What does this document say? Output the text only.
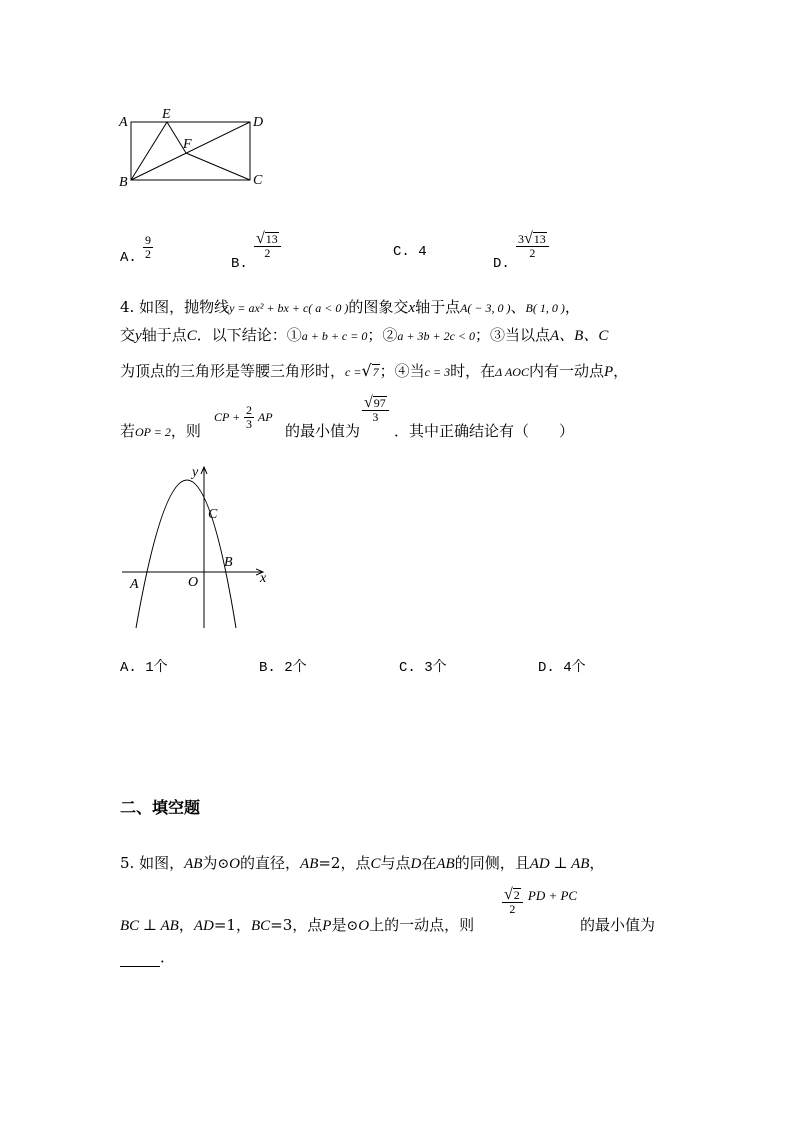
A
E
D
F
B	C
A. $\frac{9}{2}$
B.
$\frac{√ 13}{2}$	C. 4
D.
$\frac{3 √ 13}{2}$
4. 如图，抛物线y = ax² + bx + c( a < 0 )的图象交x轴于点A( − 3, 0 )、B( 1, 0 )，
交y轴于点C．以下结论：①a + b + c = 0；②a + 3b + 2c < 0；③当以点A、B、C
为顶点的三角形是等腰三角形时，c = √ 7 ；④当c = 3时，在Δ AOC内有一动点P，
若OP = 2，则
CP + $\frac{2}{3}$ AP
的最小值为
$\frac{√ 97}{3}$
．其中正确结论有（　　）
y
x
C
B
A	O
A. 1个	B. 2个	C. 3个	D. 4个
二、填空题
5. 如图，AB为⊙O的直径，AB=2，点C与点D在AB的同侧，且AD ⊥ AB，
BC ⊥ AB，AD=1，BC=3，点P是⊙O上的一动点，则
$\frac{√ 2}{2} ^{PD + PC}$
的最小值为
．
